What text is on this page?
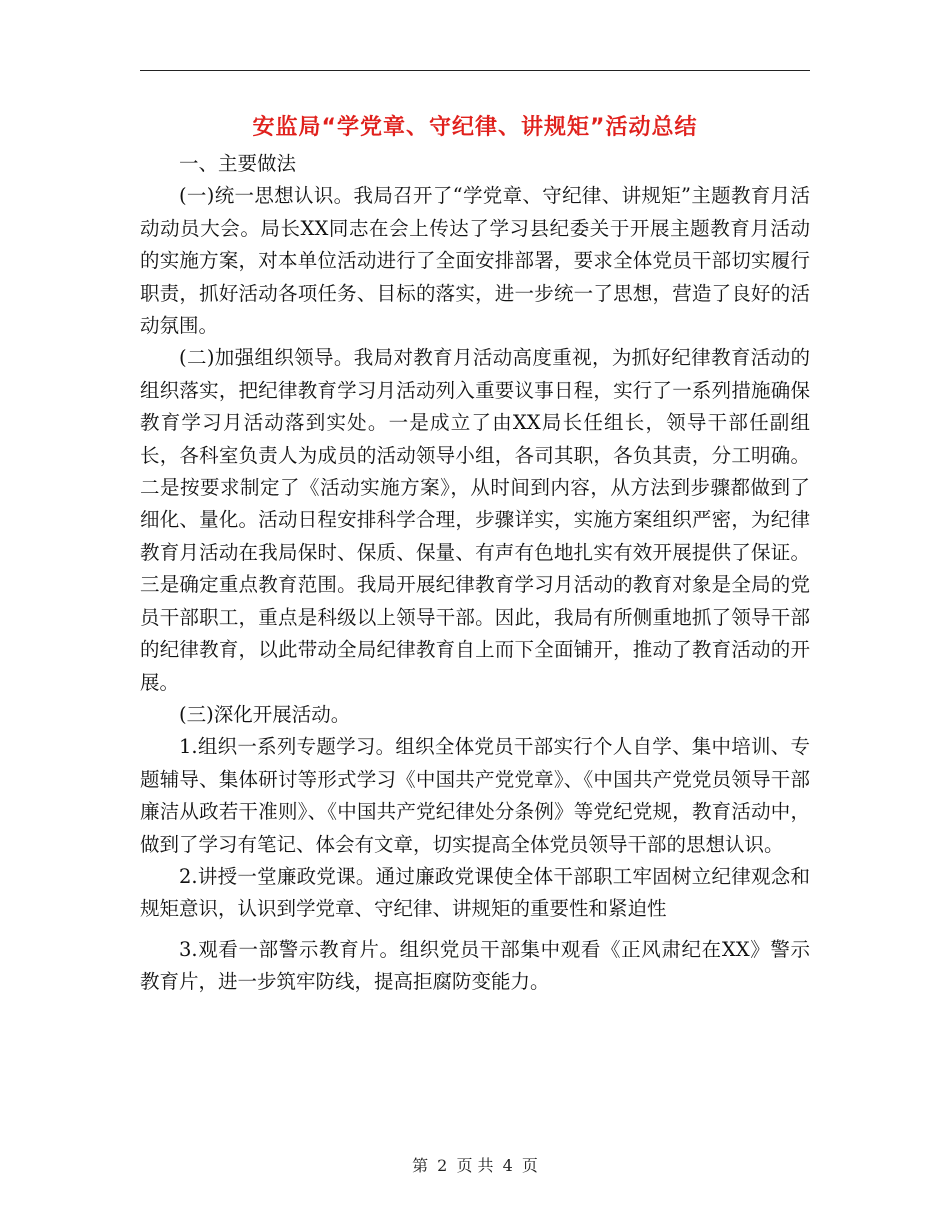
安监局“学党章、守纪律、讲规矩”活动总结

一、主要做法

(一)统一思想认识。我局召开了“学党章、守纪律、讲规矩”主题教育月活动动员大会。局长XX同志在会上传达了学习县纪委关于开展主题教育月活动的实施方案，对本单位活动进行了全面安排部署，要求全体党员干部切实履行职责，抓好活动各项任务、目标的落实，进一步统一了思想，营造了良好的活动氛围。

(二)加强组织领导。我局对教育月活动高度重视，为抓好纪律教育活动的组织落实，把纪律教育学习月活动列入重要议事日程，实行了一系列措施确保教育学习月活动落到实处。一是成立了由XX局长任组长，领导干部任副组长，各科室负责人为成员的活动领导小组，各司其职，各负其责，分工明确。二是按要求制定了《活动实施方案》，从时间到内容，从方法到步骤都做到了细化、量化。活动日程安排科学合理，步骤详实，实施方案组织严密，为纪律教育月活动在我局保时、保质、保量、有声有色地扎实有效开展提供了保证。三是确定重点教育范围。我局开展纪律教育学习月活动的教育对象是全局的党员干部职工，重点是科级以上领导干部。因此，我局有所侧重地抓了领导干部的纪律教育，以此带动全局纪律教育自上而下全面铺开，推动了教育活动的开展。

(三)深化开展活动。

1.组织一系列专题学习。组织全体党员干部实行个人自学、集中培训、专题辅导、集体研讨等形式学习《中国共产党党章》、《中国共产党党员领导干部廉洁从政若干准则》、《中国共产党纪律处分条例》等党纪党规，教育活动中，做到了学习有笔记、体会有文章，切实提高全体党员领导干部的思想认识。

2.讲授一堂廉政党课。通过廉政党课使全体干部职工牢固树立纪律观念和规矩意识，认识到学党章、守纪律、讲规矩的重要性和紧迫性

3.观看一部警示教育片。组织党员干部集中观看《正风肃纪在XX》警示教育片，进一步筑牢防线，提高拒腐防变能力。

第 2 页 共 4 页
